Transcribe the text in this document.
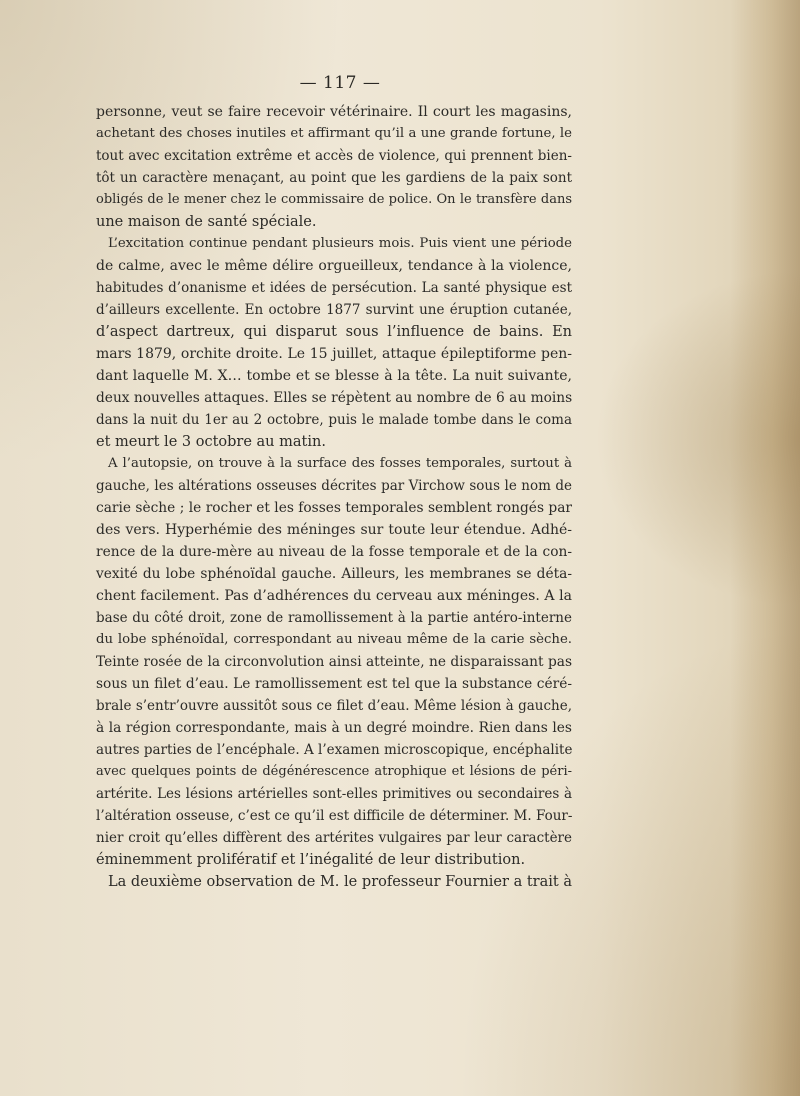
— 117 —
personne, veut se faire recevoir vétérinaire. Il court les magasins,
achetant des choses inutiles et affirmant qu’il a une grande fortune, le
tout avec excitation extrême et accès de violence, qui prennent bien-
tôt un caractère menaçant, au point que les gardiens de la paix sont
obligés de le mener chez le commissaire de police. On le transfère dans
une maison de santé spéciale.
L’excitation continue pendant plusieurs mois. Puis vient une période
de calme, avec le même délire orgueilleux, tendance à la violence,
habitudes d’onanisme et idées de persécution. La santé physique est
d’ailleurs excellente. En octobre 1877 survint une éruption cutanée,
d’aspect dartreux, qui disparut sous l’influence de bains. En
mars 1879, orchite droite. Le 15 juillet, attaque épileptiforme pen-
dant laquelle M. X… tombe et se blesse à la tête. La nuit suivante,
deux nouvelles attaques. Elles se répètent au nombre de 6 au moins
dans la nuit du 1er au 2 octobre, puis le malade tombe dans le coma
et meurt le 3 octobre au matin.
A l’autopsie, on trouve à la surface des fosses temporales, surtout à
gauche, les altérations osseuses décrites par Virchow sous le nom de
carie sèche ; le rocher et les fosses temporales semblent rongés par
des vers. Hyperhémie des méninges sur toute leur étendue. Adhé-
rence de la dure-mère au niveau de la fosse temporale et de la con-
vexité du lobe sphénoïdal gauche. Ailleurs, les membranes se déta-
chent facilement. Pas d’adhérences du cerveau aux méninges. A la
base du côté droit, zone de ramollissement à la partie antéro-interne
du lobe sphénoïdal, correspondant au niveau même de la carie sèche.
Teinte rosée de la circonvolution ainsi atteinte, ne disparaissant pas
sous un filet d’eau. Le ramollissement est tel que la substance céré-
brale s’entr’ouvre aussitôt sous ce filet d’eau. Même lésion à gauche,
à la région correspondante, mais à un degré moindre. Rien dans les
autres parties de l’encéphale. A l’examen microscopique, encéphalite
avec quelques points de dégénérescence atrophique et lésions de péri-
artérite. Les lésions artérielles sont-elles primitives ou secondaires à
l’altération osseuse, c’est ce qu’il est difficile de déterminer. M. Four-
nier croit qu’elles diffèrent des artérites vulgaires par leur caractère
éminemment prolifératif et l’inégalité de leur distribution.
La deuxième observation de M. le professeur Fournier a trait à
